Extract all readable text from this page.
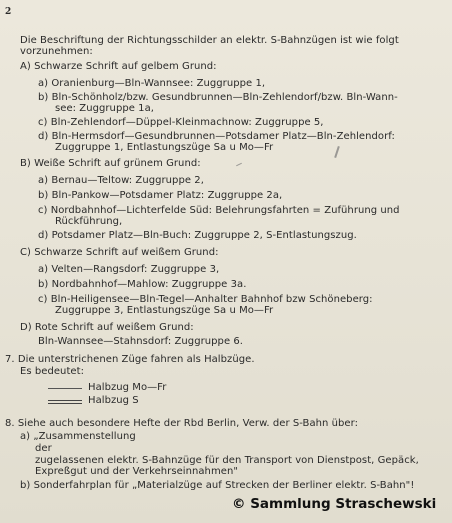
2
Die Beschriftung der Richtungsschilder an elektr. S-Bahnzügen ist wie folgt
vorzunehmen:
A) Schwarze Schrift auf gelbem Grund:
a) Oranienburg—Bln-Wannsee: Zuggruppe 1,
b) Bln-Schönholz/bzw. Gesundbrunnen—Bln-Zehlendorf/bzw. Bln-Wann-
see: Zuggruppe 1a,
c) Bln-Zehlendorf—Düppel-Kleinmachnow: Zuggruppe 5,
d) Bln-Hermsdorf—Gesundbrunnen—Potsdamer Platz—Bln-Zehlendorf:
Zuggruppe 1, Entlastungszüge Sa u Mo—Fr
B) Weiße Schrift auf grünem Grund:
a) Bernau—Teltow: Zuggruppe 2,
b) Bln-Pankow—Potsdamer Platz: Zuggruppe 2a,
c) Nordbahnhof—Lichterfelde Süd: Belehrungsfahrten = Zuführung und
Rückführung,
d) Potsdamer Platz—Bln-Buch: Zuggruppe 2, S-Entlastungszug.
C) Schwarze Schrift auf weißem Grund:
a) Velten—Rangsdorf: Zuggruppe 3,
b) Nordbahnhof—Mahlow: Zuggruppe 3a.
c) Bln-Heiligensee—Bln-Tegel—Anhalter Bahnhof bzw Schöneberg:
Zuggruppe 3, Entlastungszüge Sa u Mo—Fr
D) Rote Schrift auf weißem Grund:
Bln-Wannsee—Stahnsdorf: Zuggruppe 6.
7. Die unterstrichenen Züge fahren als Halbzüge.
Es bedeutet:
Halbzug Mo—Fr
Halbzug S
8. Siehe auch besondere Hefte der Rbd Berlin, Verw. der S-Bahn über:
a) „Zusammenstellung
der
zugelassenen elektr. S-Bahnzüge für den Transport von Dienstpost, Gepäck,
Expreßgut und der Verkehrseinnahmen"
b) Sonderfahrplan für „Materialzüge auf Strecken der Berliner elektr. S-Bahn"!
© Sammlung Straschewski
